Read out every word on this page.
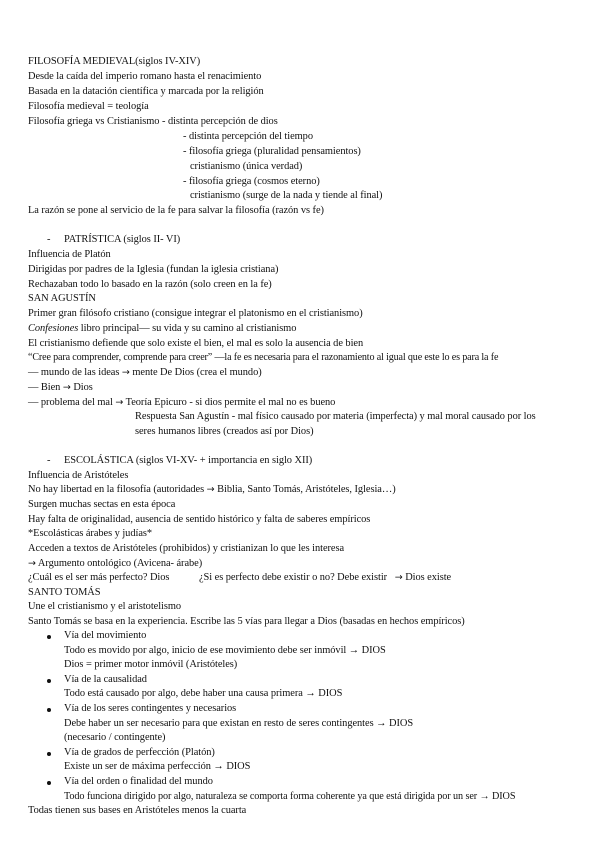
FILOSOFÍA MEDIEVAL(siglos IV-XIV)
Desde la caída del imperio romano hasta el renacimiento
Basada en la datación científica y marcada por la religión
Filosofía medieval = teología
Filosofía griega vs Cristianismo - distinta percepción de dios
- distinta percepción del tiempo
- filosofía griega (pluralidad pensamientos)
cristianismo (única verdad)
- filosofía griega (cosmos eterno)
cristianismo (surge de la nada y tiende al final)
La razón se pone al servicio de la fe para salvar la filosofía (razón vs fe)
- PATRÍSTICA (siglos II- VI)
Influencia de Platón
Dirigidas por padres de la Iglesia (fundan la iglesia cristiana)
Rechazaban todo lo basado en la razón (solo creen en la fe)
SAN AGUSTÍN
Primer gran filósofo cristiano (consigue integrar el platonismo en el cristianismo)
Confesiones libro principal— su vida y su camino al cristianismo
El cristianismo defiende que solo existe el bien, el mal es solo la ausencia de bien
“Cree para comprender, comprende para creer” —la fe es necesaria para el razonamiento al igual que este lo es para la fe
— mundo de las ideas → mente De Dios (crea el mundo)
— Bien → Dios
— problema del mal → Teoría Epicuro - si dios permite el mal no es bueno
Respuesta San Agustín - mal físico causado por materia (imperfecta) y mal moral causado por los
seres humanos libres (creados así por Dios)
- ESCOLÁSTICA (siglos VI-XV- + importancia en siglo XII)
Influencia de Aristóteles
No hay libertad en la filosofía (autoridades → Biblia, Santo Tomás, Aristóteles, Iglesia…)
Surgen muchas sectas en esta época
Hay falta de originalidad, ausencia de sentido histórico y falta de saberes empíricos
*Escolásticas árabes y judías*
Acceden a textos de Aristóteles (prohibidos) y cristianizan lo que les interesa
→ Argumento ontológico (Avicena- árabe)
¿Cuál es el ser más perfecto? Dios	¿Si es perfecto debe existir o no? Debe existir → Dios existe
SANTO TOMÁS
Une el cristianismo y el aristotelismo
Santo Tomás se basa en la experiencia. Escribe las 5 vías para llegar a Dios (basadas en hechos empíricos)
Vía del movimiento
Todo es movido por algo, inicio de ese movimiento debe ser inmóvil → DIOS
Dios = primer motor inmóvil (Aristóteles)
Vía de la causalidad
Todo está causado por algo, debe haber una causa primera → DIOS
Vía de los seres contingentes y necesarios
Debe haber un ser necesario para que existan en resto de seres contingentes → DIOS
(necesario / contingente)
Vía de grados de perfección (Platón)
Existe un ser de máxima perfección → DIOS
Vía del orden o finalidad del mundo
Todo funciona dirigido por algo, naturaleza se comporta forma coherente ya que está dirigida por un ser → DIOS
Todas tienen sus bases en Aristóteles menos la cuarta
